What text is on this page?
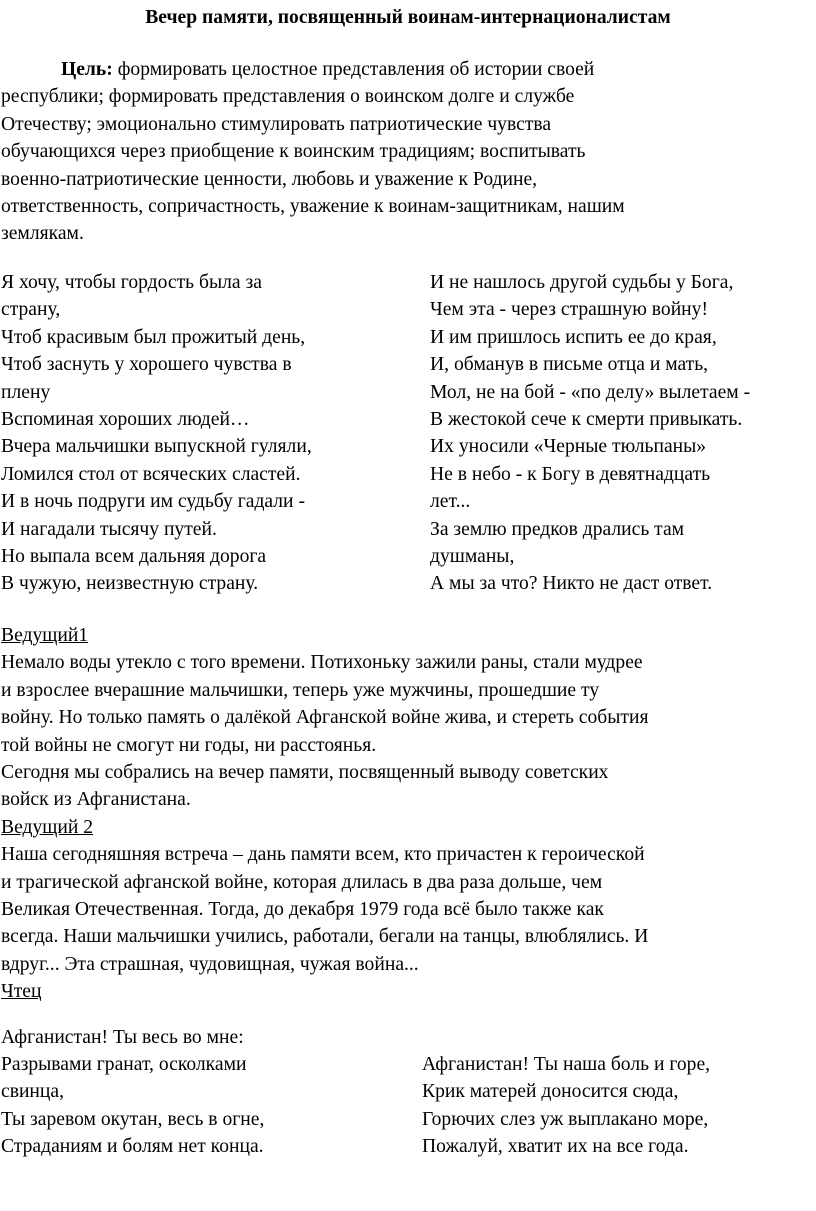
Вечер памяти, посвященный воинам-интернационалистам
Цель: формировать целостное представления об истории своей
республики; формировать представления о воинском долге и службе
Отечеству; эмоционально стимулировать патриотические чувства
обучающихся через приобщение к воинским традициям; воспитывать
военно-патриотические ценности, любовь и уважение к Родине,
ответственность, сопричастность, уважение к воинам-защитникам, нашим
землякам.
Я хочу, чтобы гордость была за
страну,
Чтоб красивым был прожитый день,
Чтоб заснуть у хорошего чувства в
плену
Вспоминая хороших людей…
Вчера мальчишки выпускной гуляли,
Ломился стол от всяческих сластей.
И в ночь подруги им судьбу гадали -
И нагадали тысячу путей.
Но выпала всем дальняя дорога
В чужую, неизвестную страну.
И не нашлось другой судьбы у Бога,
Чем эта - через страшную войну!
И им пришлось испить ее до края,
И, обманув в письме отца и мать,
Мол, не на бой - «по делу» вылетаем -
В жестокой сече к смерти привыкать.
Их уносили «Черные тюльпаны»
Не в небо - к Богу в девятнадцать
лет...
За землю предков дрались там
душманы,
А мы за что? Никто не даст ответ.
Ведущий1
Немало воды утекло с того времени. Потихоньку зажили раны, стали мудрее
и взрослее вчерашние мальчишки, теперь уже мужчины, прошедшие ту
войну. Но только память о далёкой Афганской войне жива, и стереть события
той войны не смогут ни годы, ни расстоянья.
Сегодня мы собрались на вечер памяти, посвященный выводу советских
войск из Афганистана.
Ведущий 2
Наша сегодняшняя встреча – дань памяти всем, кто причастен к героической
и трагической афганской войне, которая длилась в два раза дольше, чем
Великая Отечественная. Тогда, до декабря 1979 года всё было также как
всегда. Наши мальчишки учились, работали, бегали на танцы, влюблялись. И
вдруг... Эта страшная, чудовищная, чужая война...
Чтец
Афганистан! Ты весь во мне:
Разрывами гранат, осколками
свинца,
Ты заревом окутан, весь в огне,
Страданиям и болям нет конца.
Афганистан! Ты наша боль и горе,
Крик матерей доносится сюда,
Горючих слез уж выплакано море,
Пожалуй, хватит их на все года.
